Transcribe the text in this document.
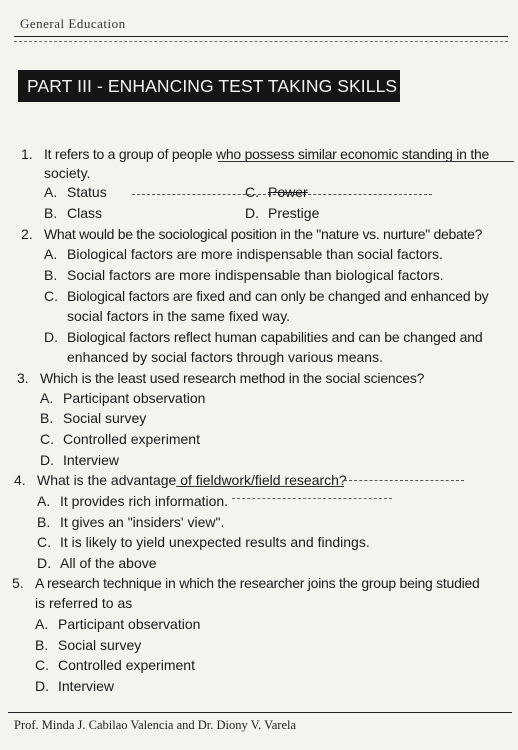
General Education
PART III - ENHANCING TEST TAKING SKILLS
1. It refers to a group of people who possess similar economic standing in the
society.
A. Status	C. Power
B. Class	D. Prestige
2. What would be the sociological position in the "nature vs. nurture" debate?
A. Biological factors are more indispensable than social factors.
B. Social factors are more indispensable than biological factors.
C. Biological factors are fixed and can only be changed and enhanced by
social factors in the same fixed way.
D. Biological factors reflect human capabilities and can be changed and
enhanced by social factors through various means.
3. Which is the least used research method in the social sciences?
A. Participant observation
B. Social survey
C. Controlled experiment
D. Interview
4. What is the advantage of fieldwork/field research?
A. It provides rich information.
B. It gives an "insiders' view".
C. It is likely to yield unexpected results and findings.
D. All of the above
5. A research technique in which the researcher joins the group being studied
is referred to as
A. Participant observation
B. Social survey
C. Controlled experiment
D. Interview
Prof. Minda J. Cabilao Valencia and Dr. Diony V. Varela
